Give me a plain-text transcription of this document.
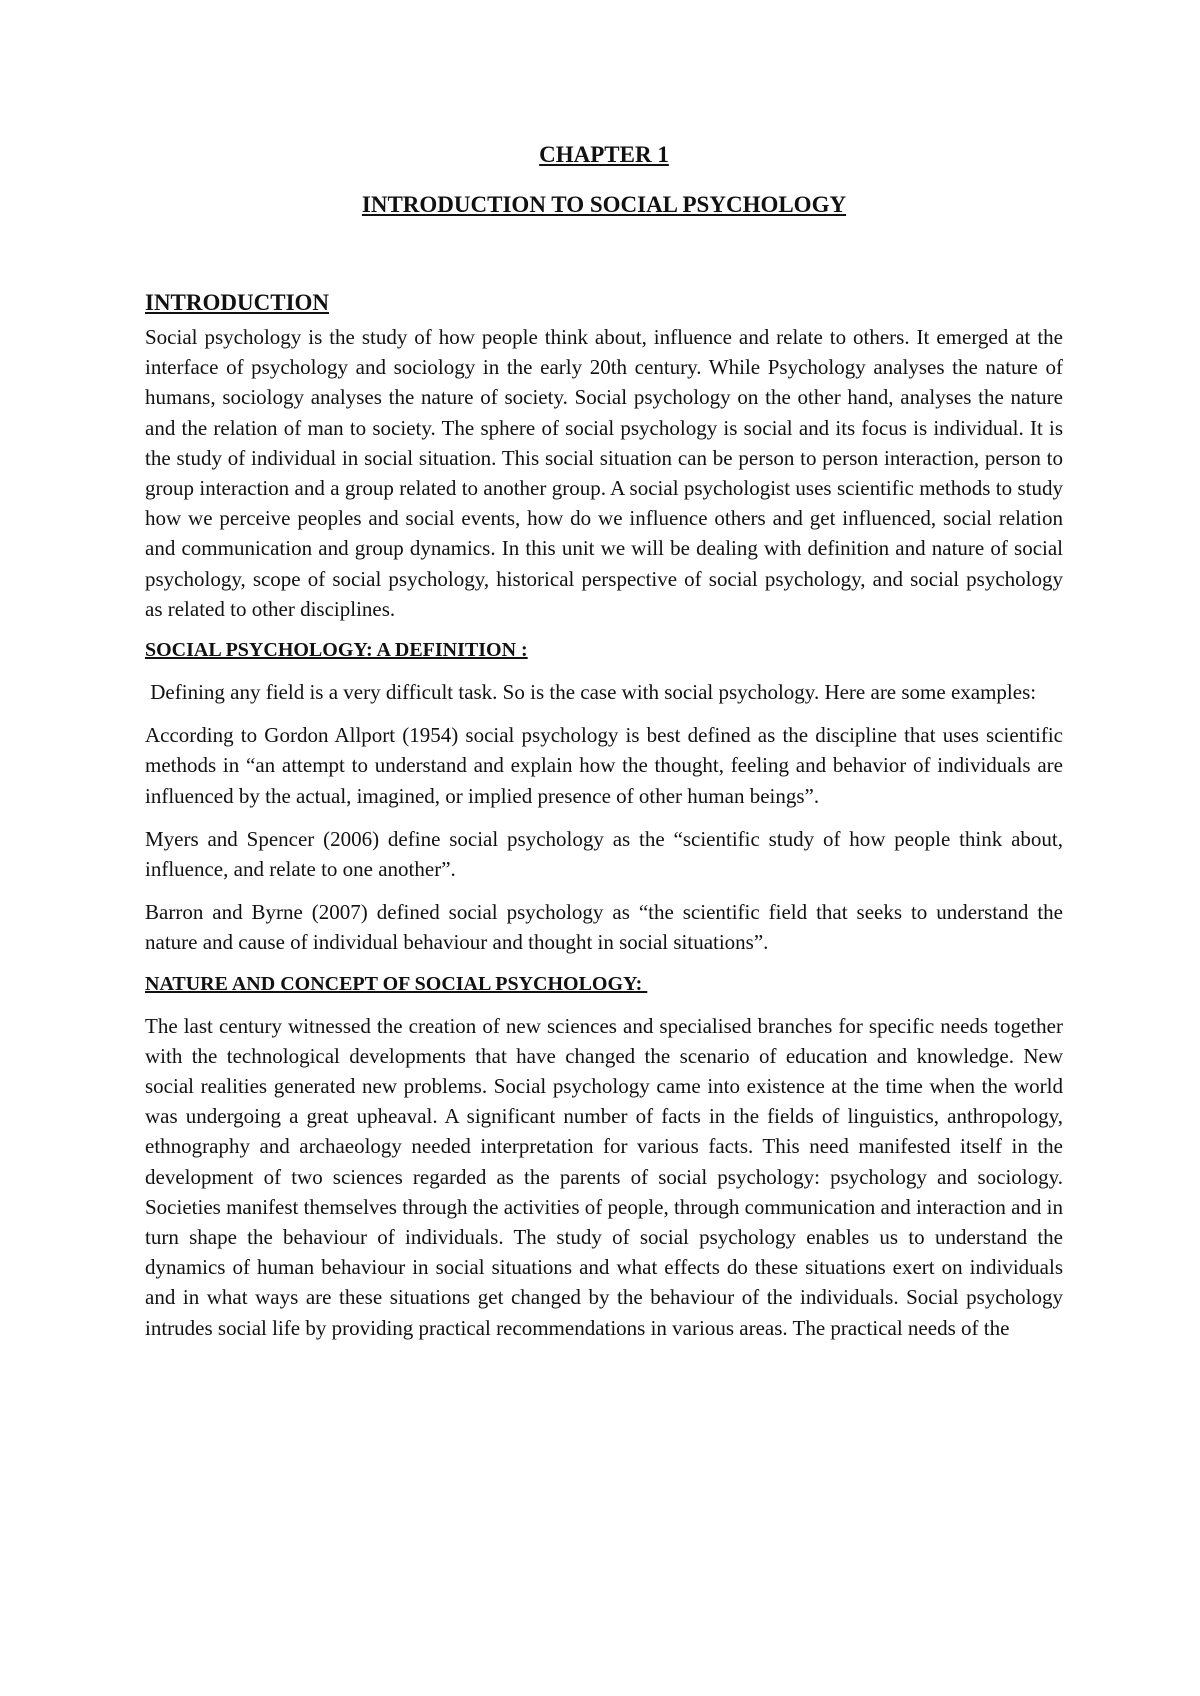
CHAPTER 1
INTRODUCTION TO SOCIAL PSYCHOLOGY
INTRODUCTION

Social psychology is the study of how people think about, influence and relate to others. It emerged at the interface of psychology and sociology in the early 20th century. While Psychology analyses the nature of humans, sociology analyses the nature of society. Social psychology on the other hand, analyses the nature and the relation of man to society. The sphere of social psychology is social and its focus is individual. It is the study of individual in social situation. This social situation can be person to person interaction, person to group interaction and a group related to another group. A social psychologist uses scientific methods to study how we perceive peoples and social events, how do we influence others and get influenced, social relation and communication and group dynamics. In this unit we will be dealing with definition and nature of social psychology, scope of social psychology, historical perspective of social psychology, and social psychology as related to other disciplines.

SOCIAL PSYCHOLOGY: A DEFINITION :

Defining any field is a very difficult task. So is the case with social psychology. Here are some examples:

According to Gordon Allport (1954) social psychology is best defined as the discipline that uses scientific methods in “an attempt to understand and explain how the thought, feeling and behavior of individuals are influenced by the actual, imagined, or implied presence of other human beings”.

Myers and Spencer (2006) define social psychology as the “scientific study of how people think about, influence, and relate to one another”.

Barron and Byrne (2007) defined social psychology as “the scientific field that seeks to understand the nature and cause of individual behaviour and thought in social situations”.

NATURE AND CONCEPT OF SOCIAL PSYCHOLOGY:

The last century witnessed the creation of new sciences and specialised branches for specific needs together with the technological developments that have changed the scenario of education and knowledge. New social realities generated new problems. Social psychology came into existence at the time when the world was undergoing a great upheaval. A significant number of facts in the fields of linguistics, anthropology, ethnography and archaeology needed interpretation for various facts. This need manifested itself in the development of two sciences regarded as the parents of social psychology: psychology and sociology. Societies manifest themselves through the activities of people, through communication and interaction and in turn shape the behaviour of individuals. The study of social psychology enables us to understand the dynamics of human behaviour in social situations and what effects do these situations exert on individuals and in what ways are these situations get changed by the behaviour of the individuals. Social psychology intrudes social life by providing practical recommendations in various areas. The practical needs of the
